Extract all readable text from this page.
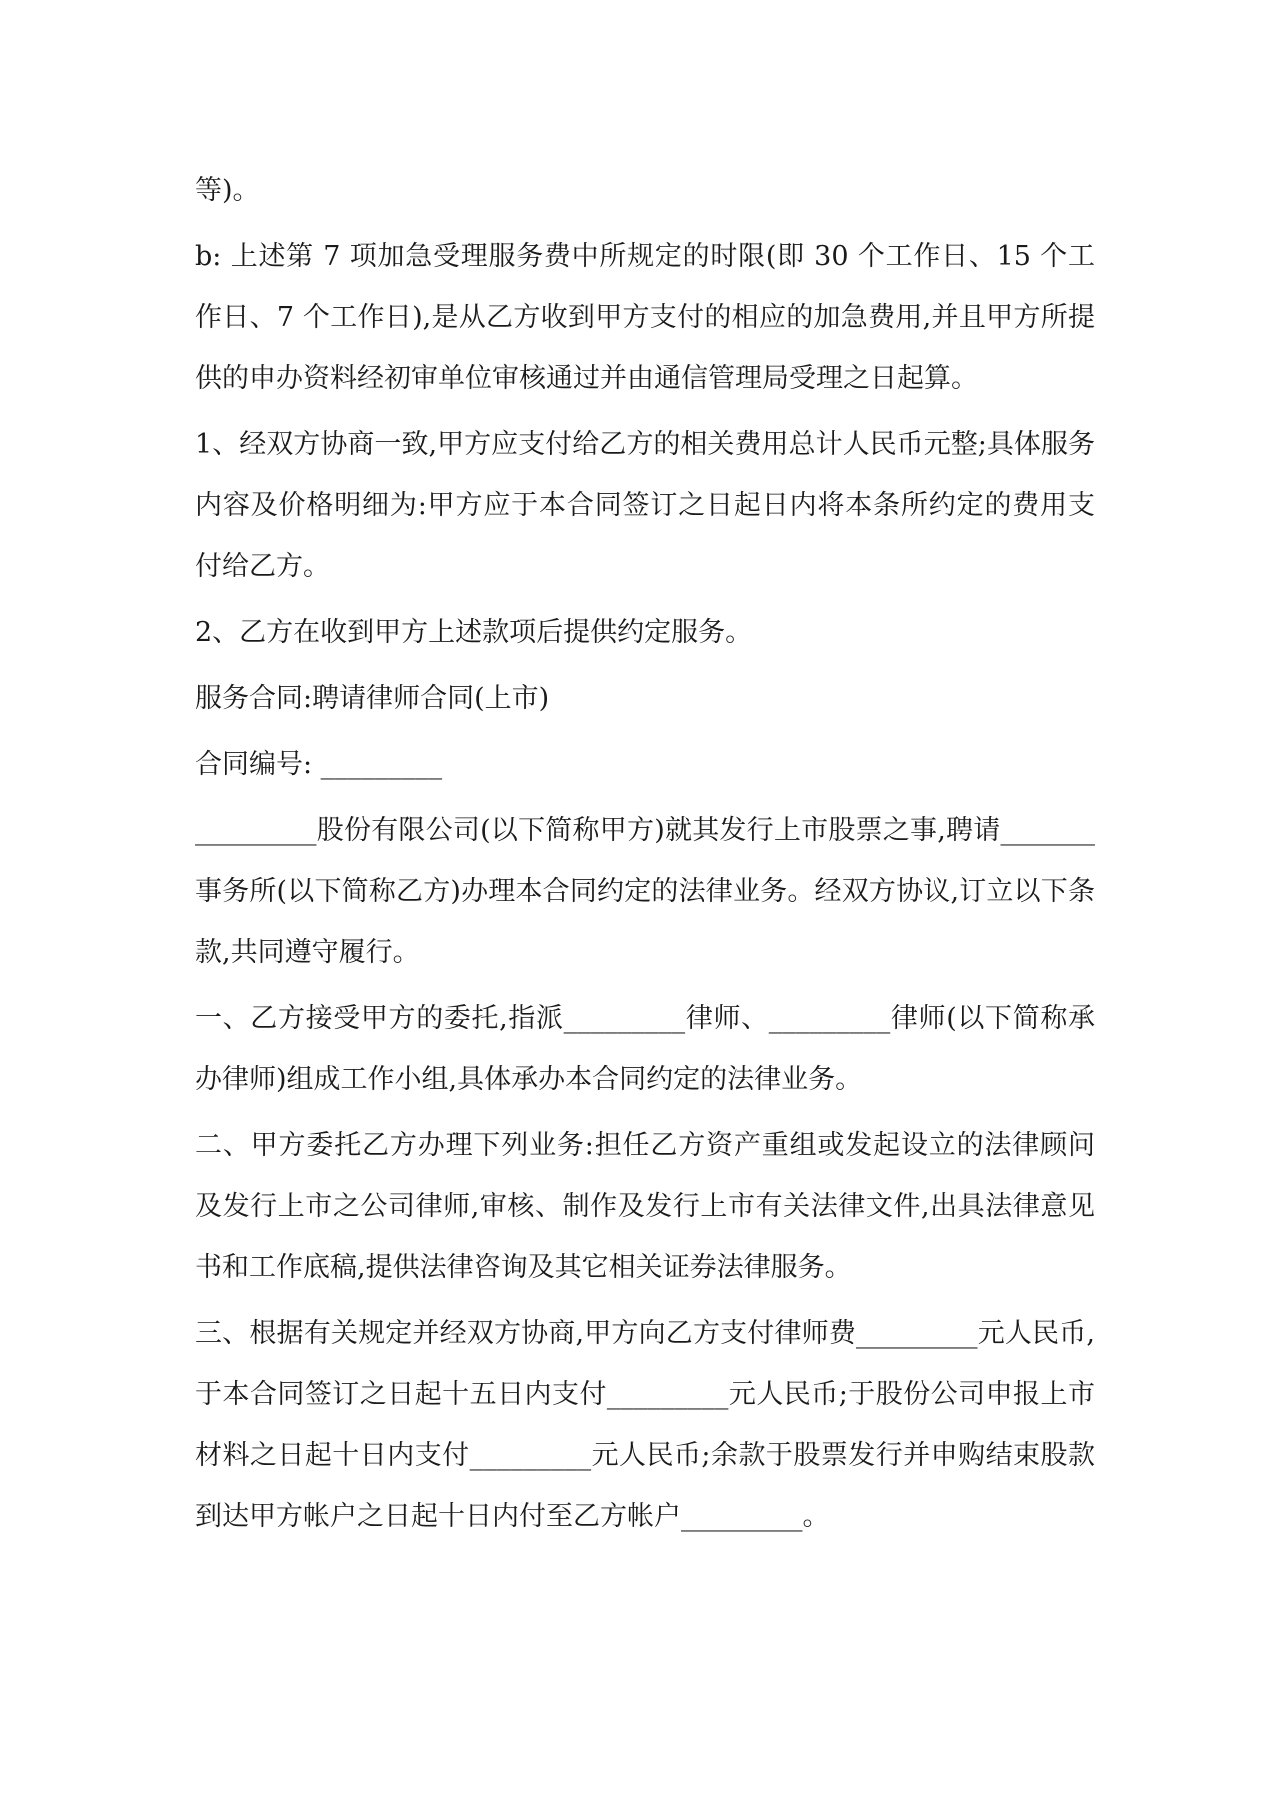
等)。

b: 上述第 7 项加急受理服务费中所规定的时限(即 30 个工作日、15 个工作日、7 个工作日),是从乙方收到甲方支付的相应的加急费用,并且甲方所提供的申办资料经初审单位审核通过并由通信管理局受理之日起算。

1、经双方协商一致,甲方应支付给乙方的相关费用总计人民币元整;具体服务内容及价格明细为:甲方应于本合同签订之日起日内将本条所约定的费用支付给乙方。

2、乙方在收到甲方上述款项后提供约定服务。

服务合同:聘请律师合同(上市)

合同编号: _________

_________股份有限公司(以下简称甲方)就其发行上市股票之事,聘请_______事务所(以下简称乙方)办理本合同约定的法律业务。经双方协议,订立以下条款,共同遵守履行。

一、乙方接受甲方的委托,指派_________律师、_________律师(以下简称承办律师)组成工作小组,具体承办本合同约定的法律业务。

二、甲方委托乙方办理下列业务:担任乙方资产重组或发起设立的法律顾问及发行上市之公司律师,审核、制作及发行上市有关法律文件,出具法律意见书和工作底稿,提供法律咨询及其它相关证券法律服务。

三、根据有关规定并经双方协商,甲方向乙方支付律师费_________元人民币,于本合同签订之日起十五日内支付_________元人民币;于股份公司申报上市材料之日起十日内支付_________元人民币;余款于股票发行并申购结束股款到达甲方帐户之日起十日内付至乙方帐户_________。
